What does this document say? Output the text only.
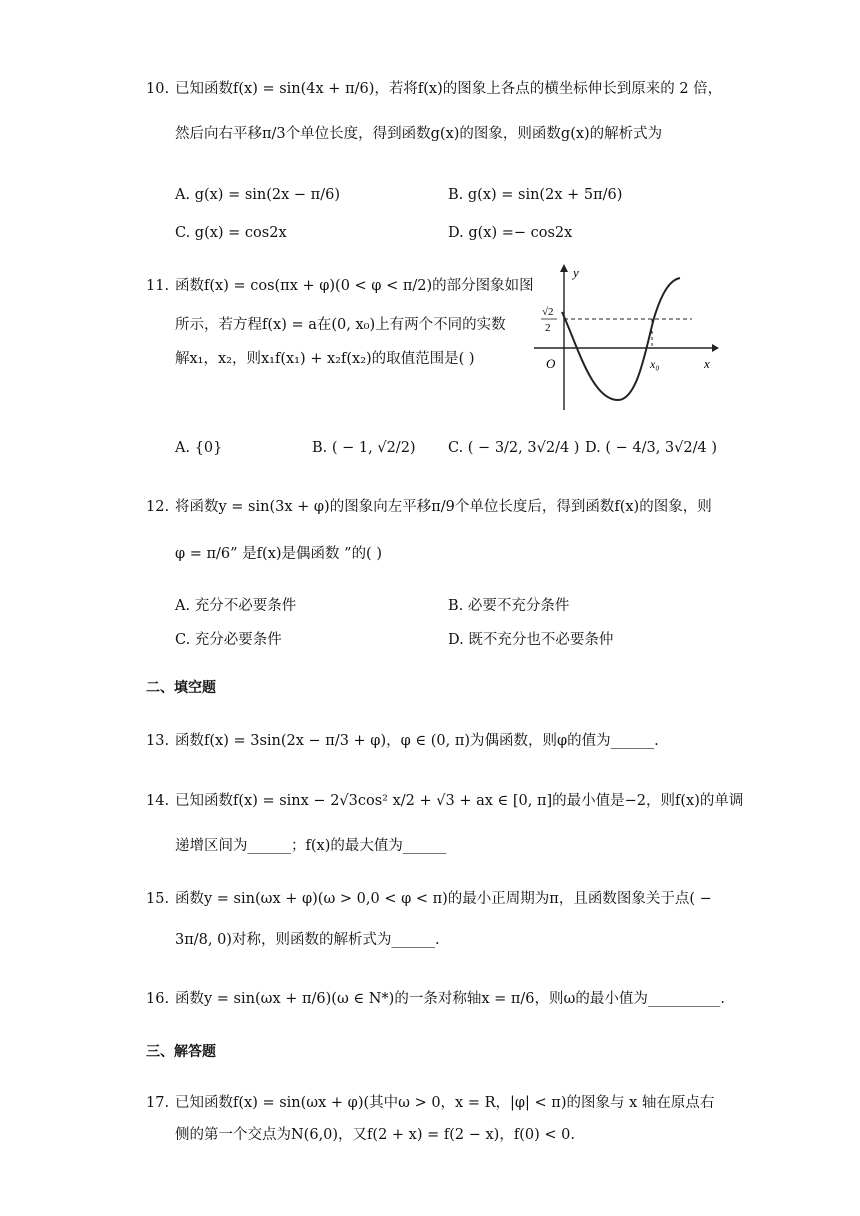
10. 已知函数f(x) = sin(4x + π/6)，若将f(x)的图象上各点的横坐标伸长到原来的 2 倍，
然后向右平移π/3个单位长度，得到函数g(x)的图象，则函数g(x)的解析式为
A. g(x) = sin(2x − π/6)	B. g(x) = sin(2x + 5π/6)
C. g(x) = cos2x	D. g(x) =− cos2x
11. 函数f(x) = cos(πx + φ)(0 < φ < π/2)的部分图象如图
所示，若方程f(x) = a在(0, x₀)上有两个不同的实数
解x₁，x₂，则x₁f(x₁) + x₂f(x₂)的取值范围是( )
y
x
O	x₀
√2
2
A. {0}	B. ( − 1, √2/2) C. ( − 3/2, 3√2/4 ) D. ( − 4/3, 3√2/4 )
12. 将函数y = sin(3x + φ)的图象向左平移π/9个单位长度后，得到函数f(x)的图象，则
φ = π/6” 是f(x)是偶函数 ”的( )
A. 充分不必要条件	B. 必要不充分条件
C. 充分必要条件	D. 既不充分也不必要条仲
二、填空题
13. 函数f(x) = 3sin(2x − π/3 + φ)，φ ∈ (0, π)为偶函数，则φ的值为______.
14. 已知函数f(x) = sinx − 2√3cos² x/2 + √3 + ax ∈ [0, π]的最小值是−2，则f(x)的单调
递增区间为______；f(x)的最大值为______
15. 函数y = sin(ωx + φ)(ω > 0,0 < φ < π)的最小正周期为π，且函数图象关于点( −
3π/8, 0)对称，则函数的解析式为______.
16. 函数y = sin(ωx + π/6)(ω ∈ N*)的一条对称轴x = π/6，则ω的最小值为__________.
三、解答题
17. 已知函数f(x) = sin(ωx + φ)(其中ω > 0，x = R，|φ| < π)的图象与 x 轴在原点右
侧的第一个交点为N(6,0)，又f(2 + x) = f(2 − x)，f(0) < 0.
